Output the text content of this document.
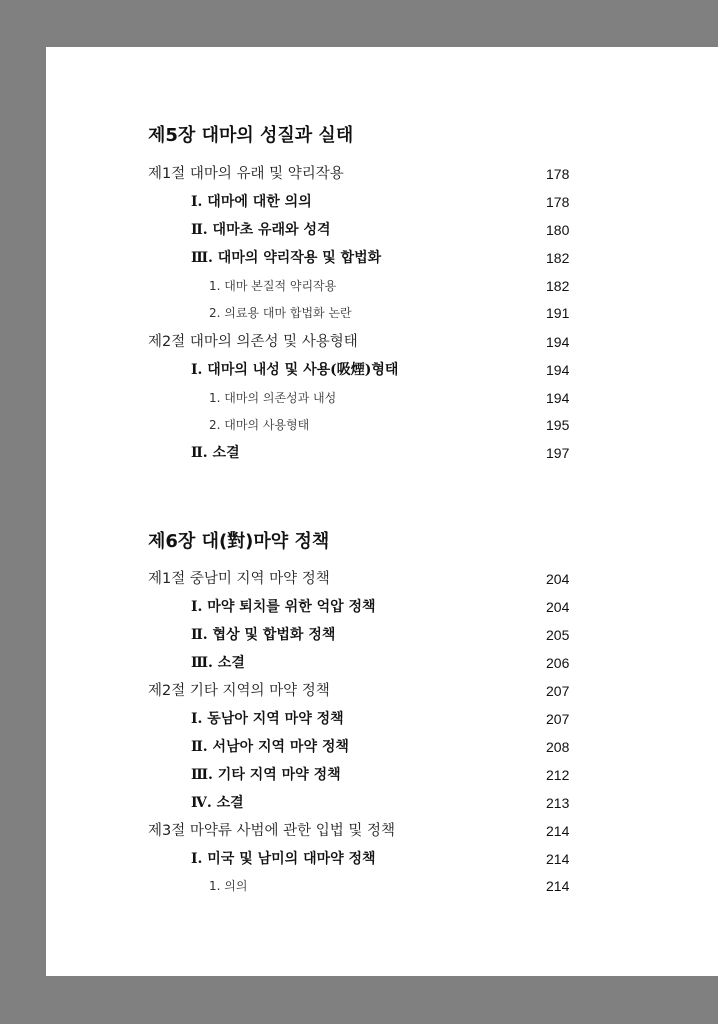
제5장 대마의 성질과 실태
제1절 대마의 유래 및 약리작용	178
Ⅰ. 대마에 대한 의의	178
Ⅱ. 대마초 유래와 성격	180
Ⅲ. 대마의 약리작용 및 합법화	182
1. 대마 본질적 약리작용	182
2. 의료용 대마 합법화 논란	191
제2절 대마의 의존성 및 사용형태	194
Ⅰ. 대마의 내성 및 사용(吸煙)형태	194
1. 대마의 의존성과 내성	194
2. 대마의 사용형태	195
Ⅱ. 소결	197
제6장 대(對)마약 정책
제1절 중남미 지역 마약 정책	204
Ⅰ. 마약 퇴치를 위한 억압 정책	204
Ⅱ. 협상 및 합법화 정책	205
Ⅲ. 소결	206
제2절 기타 지역의 마약 정책	207
Ⅰ. 동남아 지역 마약 정책	207
Ⅱ. 서남아 지역 마약 정책	208
Ⅲ. 기타 지역 마약 정책	212
Ⅳ. 소결	213
제3절 마약류 사범에 관한 입법 및 정책	214
Ⅰ. 미국 및 남미의 대마약 정책	214
1. 의의	214
